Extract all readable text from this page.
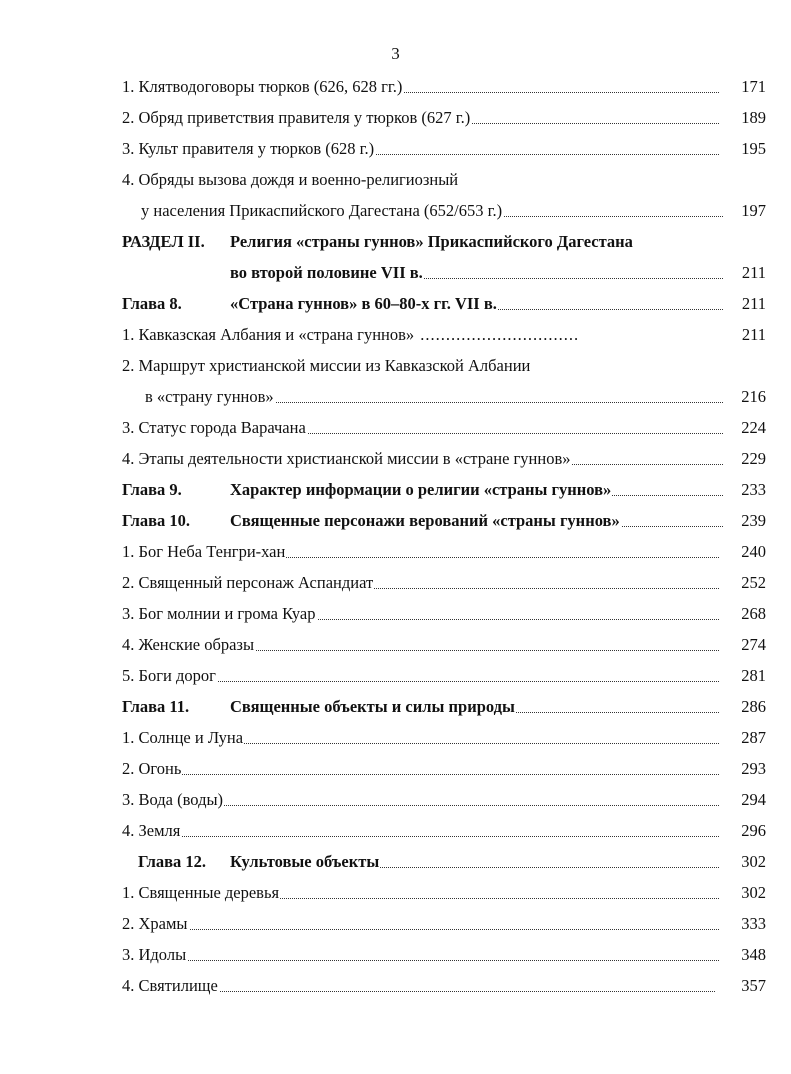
3
1. Клятводоговоры тюрков (626, 628 гг.)	171
2. Обряд приветствия правителя у тюрков (627 г.)	189
3. Культ правителя у тюрков (628 г.)	195
4. Обряды вызова дождя и военно-религиозный
у населения Прикаспийского Дагестана (652/653 г.)	197
РАЗДЕЛ II. Религия «страны гуннов» Прикаспийского Дагестана
во второй половине VII в.	211
Глава 8.	«Страна гуннов» в 60–80-х гг. VII в.	211
1. Кавказская Албания и «страна гуннов» ...............................	211
2. Маршрут христианской миссии из Кавказской Албании
в «страну гуннов»	216
3. Статус города Варачана	224
4. Этапы деятельности христианской миссии в «стране гуннов»	229
Глава 9.	Характер информации о религии «страны гуннов»	233
Глава 10. Священные персонажи верований «страны гуннов»	239
1. Бог Неба Тенгри-хан	240
2. Священный персонаж Аспандиат	252
3. Бог молнии и грома Куар	268
4. Женские образы	274
5. Боги дорог	281
Глава 11. Священные объекты и силы природы	286
1. Солнце и Луна	287
2. Огонь	293
3. Вода (воды)	294
4. Земля	296
Глава 12. Культовые объекты	302
1. Священные деревья	302
2. Храмы	333
3. Идолы	348
4. Святилище	357
